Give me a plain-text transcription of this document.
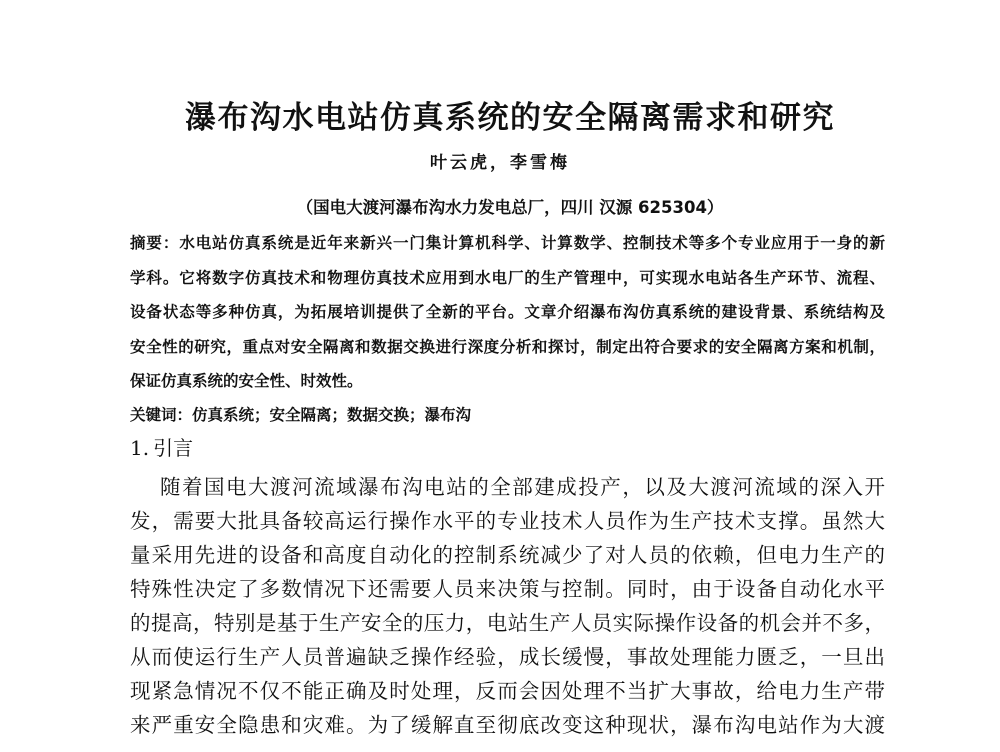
瀑布沟水电站仿真系统的安全隔离需求和研究
叶云虎，李雪梅
（国电大渡河瀑布沟水力发电总厂，四川 汉源 625304）
摘要：水电站仿真系统是近年来新兴一门集计算机科学、计算数学、控制技术等多个专业应用于一身的新
学科。它将数字仿真技术和物理仿真技术应用到水电厂的生产管理中，可实现水电站各生产环节、流程、
设备状态等多种仿真，为拓展培训提供了全新的平台。文章介绍瀑布沟仿真系统的建设背景、系统结构及
安全性的研究，重点对安全隔离和数据交换进行深度分析和探讨，制定出符合要求的安全隔离方案和机制，
保证仿真系统的安全性、时效性。
关键词：仿真系统；安全隔离；数据交换；瀑布沟
1. 引言
随着国电大渡河流域瀑布沟电站的全部建成投产，以及大渡河流域的深入开
发，需要大批具备较高运行操作水平的专业技术人员作为生产技术支撑。虽然大
量采用先进的设备和高度自动化的控制系统减少了对人员的依赖，但电力生产的
特殊性决定了多数情况下还需要人员来决策与控制。同时，由于设备自动化水平
的提高，特别是基于生产安全的压力，电站生产人员实际操作设备的机会并不多，
从而使运行生产人员普遍缺乏操作经验，成长缓慢，事故处理能力匮乏，一旦出
现紧急情况不仅不能正确及时处理，反而会因处理不当扩大事故，给电力生产带
来严重安全隐患和灾难。为了缓解直至彻底改变这种现状，瀑布沟电站作为大渡
